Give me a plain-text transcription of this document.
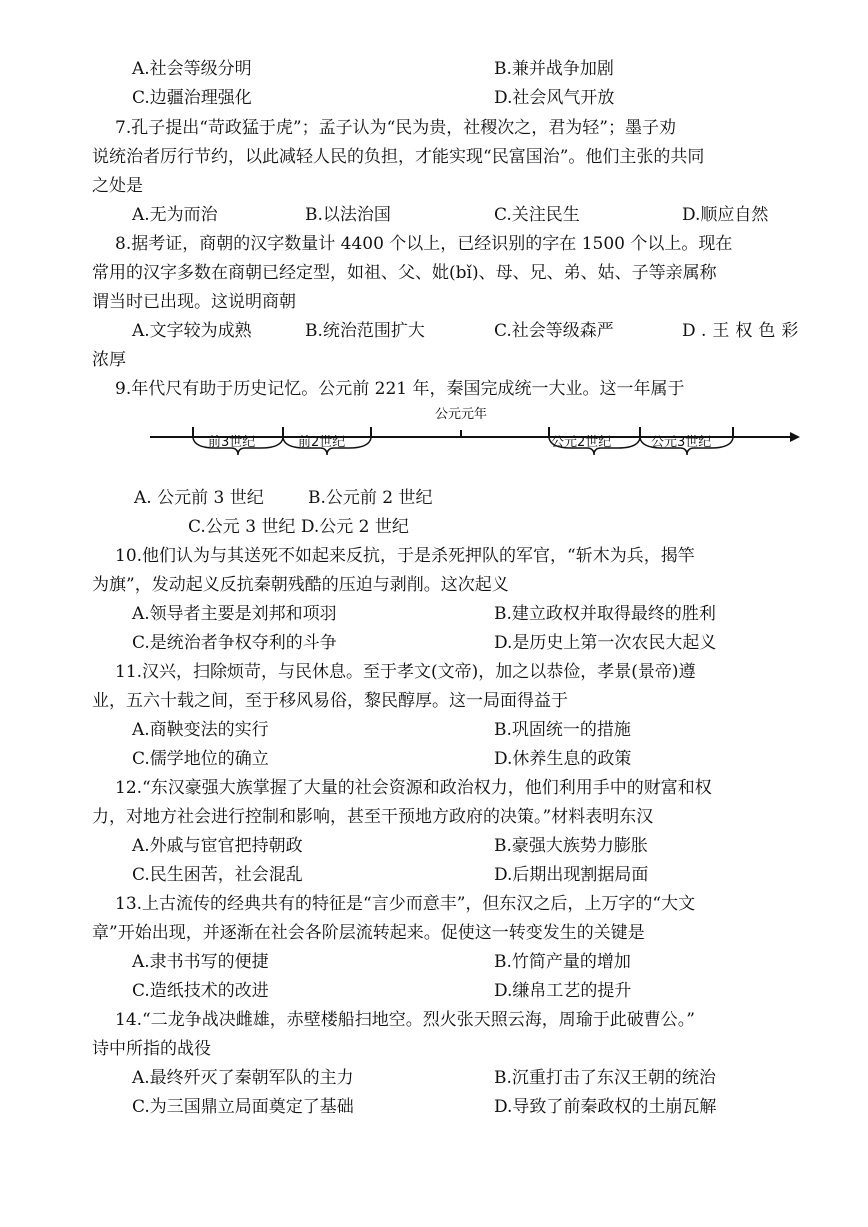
A.社会等级分明	B.兼并战争加剧
C.边疆治理强化	D.社会风气开放
7.孔子提出“苛政猛于虎”；孟子认为“民为贵，社稷次之，君为轻”；墨子劝
说统治者厉行节约，以此减轻人民的负担，才能实现“民富国治”。他们主张的共同
之处是
A.无为而治	B.以法治国	C.关注民生	D.顺应自然
8.据考证，商朝的汉字数量计 4400 个以上，已经识别的字在 1500 个以上。现在
常用的汉字多数在商朝已经定型，如祖、父、妣(bǐ)、母、兄、弟、姑、子等亲属称
谓当时已出现。这说明商朝
A.文字较为成熟	B.统治范围扩大	C.社会等级森严	D.王权色彩
浓厚
9.年代尺有助于历史记忆。公元前 221 年，秦国完成统一大业。这一年属于
公元元年
前3世纪	前2世纪	公元2世纪	公元3世纪
A. 公元前 3 世纪	B.公元前 2 世纪
C.公元 3 世纪 D.公元 2 世纪
10.他们认为与其送死不如起来反抗，于是杀死押队的军官，“斩木为兵，揭竿
为旗”，发动起义反抗秦朝残酷的压迫与剥削。这次起义
A.领导者主要是刘邦和项羽	B.建立政权并取得最终的胜利
C.是统治者争权夺利的斗争	D.是历史上第一次农民大起义
11.汉兴，扫除烦苛，与民休息。至于孝文(文帝)，加之以恭俭，孝景(景帝)遵
业，五六十载之间，至于移风易俗，黎民醇厚。这一局面得益于
A.商鞅变法的实行	B.巩固统一的措施
C.儒学地位的确立	D.休养生息的政策
12.“东汉豪强大族掌握了大量的社会资源和政治权力，他们利用手中的财富和权
力，对地方社会进行控制和影响，甚至干预地方政府的决策。”材料表明东汉
A.外戚与宦官把持朝政	B.豪强大族势力膨胀
C.民生困苦，社会混乱	D.后期出现割据局面
13.上古流传的经典共有的特征是“言少而意丰”，但东汉之后，上万字的“大文
章”开始出现，并逐渐在社会各阶层流转起来。促使这一转变发生的关键是
A.隶书书写的便捷	B.竹简产量的增加
C.造纸技术的改进	D.缣帛工艺的提升
14.“二龙争战决雌雄，赤壁楼船扫地空。烈火张天照云海，周瑜于此破曹公。”
诗中所指的战役
A.最终歼灭了秦朝军队的主力	B.沉重打击了东汉王朝的统治
C.为三国鼎立局面奠定了基础	D.导致了前秦政权的土崩瓦解
